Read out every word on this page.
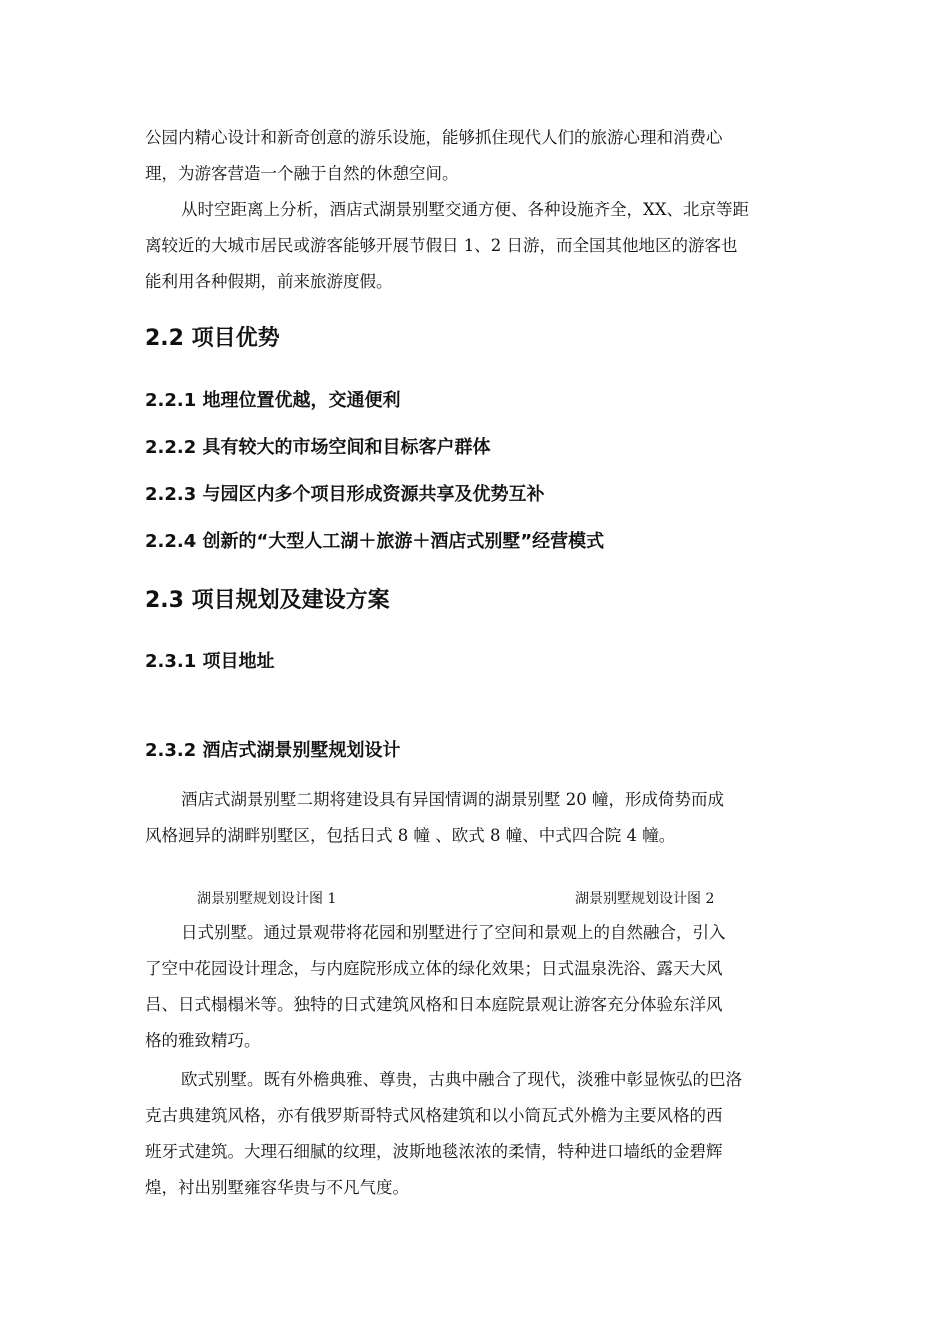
公园内精心设计和新奇创意的游乐设施，能够抓住现代人们的旅游心理和消费心
理，为游客营造一个融于自然的休憩空间。
从时空距离上分析，酒店式湖景别墅交通方便、各种设施齐全，XX、北京等距
离较近的大城市居民或游客能够开展节假日 1、2 日游，而全国其他地区的游客也
能利用各种假期，前来旅游度假。
2.2 项目优势
2.2.1 地理位置优越，交通便利
2.2.2 具有较大的市场空间和目标客户群体
2.2.3 与园区内多个项目形成资源共享及优势互补
2.2.4 创新的“大型人工湖＋旅游＋酒店式别墅”经营模式
2.3 项目规划及建设方案
2.3.1 项目地址
2.3.2 酒店式湖景别墅规划设计
酒店式湖景别墅二期将建设具有异国情调的湖景别墅 20 幢，形成倚势而成
风格迥异的湖畔别墅区，包括日式 8 幢 、欧式 8 幢、中式四合院 4 幢。
湖景别墅规划设计图 1	湖景别墅规划设计图 2
日式别墅。通过景观带将花园和别墅进行了空间和景观上的自然融合，引入
了空中花园设计理念，与内庭院形成立体的绿化效果；日式温泉洗浴、露天大风
吕、日式榻榻米等。独特的日式建筑风格和日本庭院景观让游客充分体验东洋风
格的雅致精巧。
欧式别墅。既有外檐典雅、尊贵，古典中融合了现代，淡雅中彰显恢弘的巴洛
克古典建筑风格，亦有俄罗斯哥特式风格建筑和以小筒瓦式外檐为主要风格的西
班牙式建筑。大理石细腻的纹理，波斯地毯浓浓的柔情，特种进口墙纸的金碧辉
煌，衬出别墅雍容华贵与不凡气度。
